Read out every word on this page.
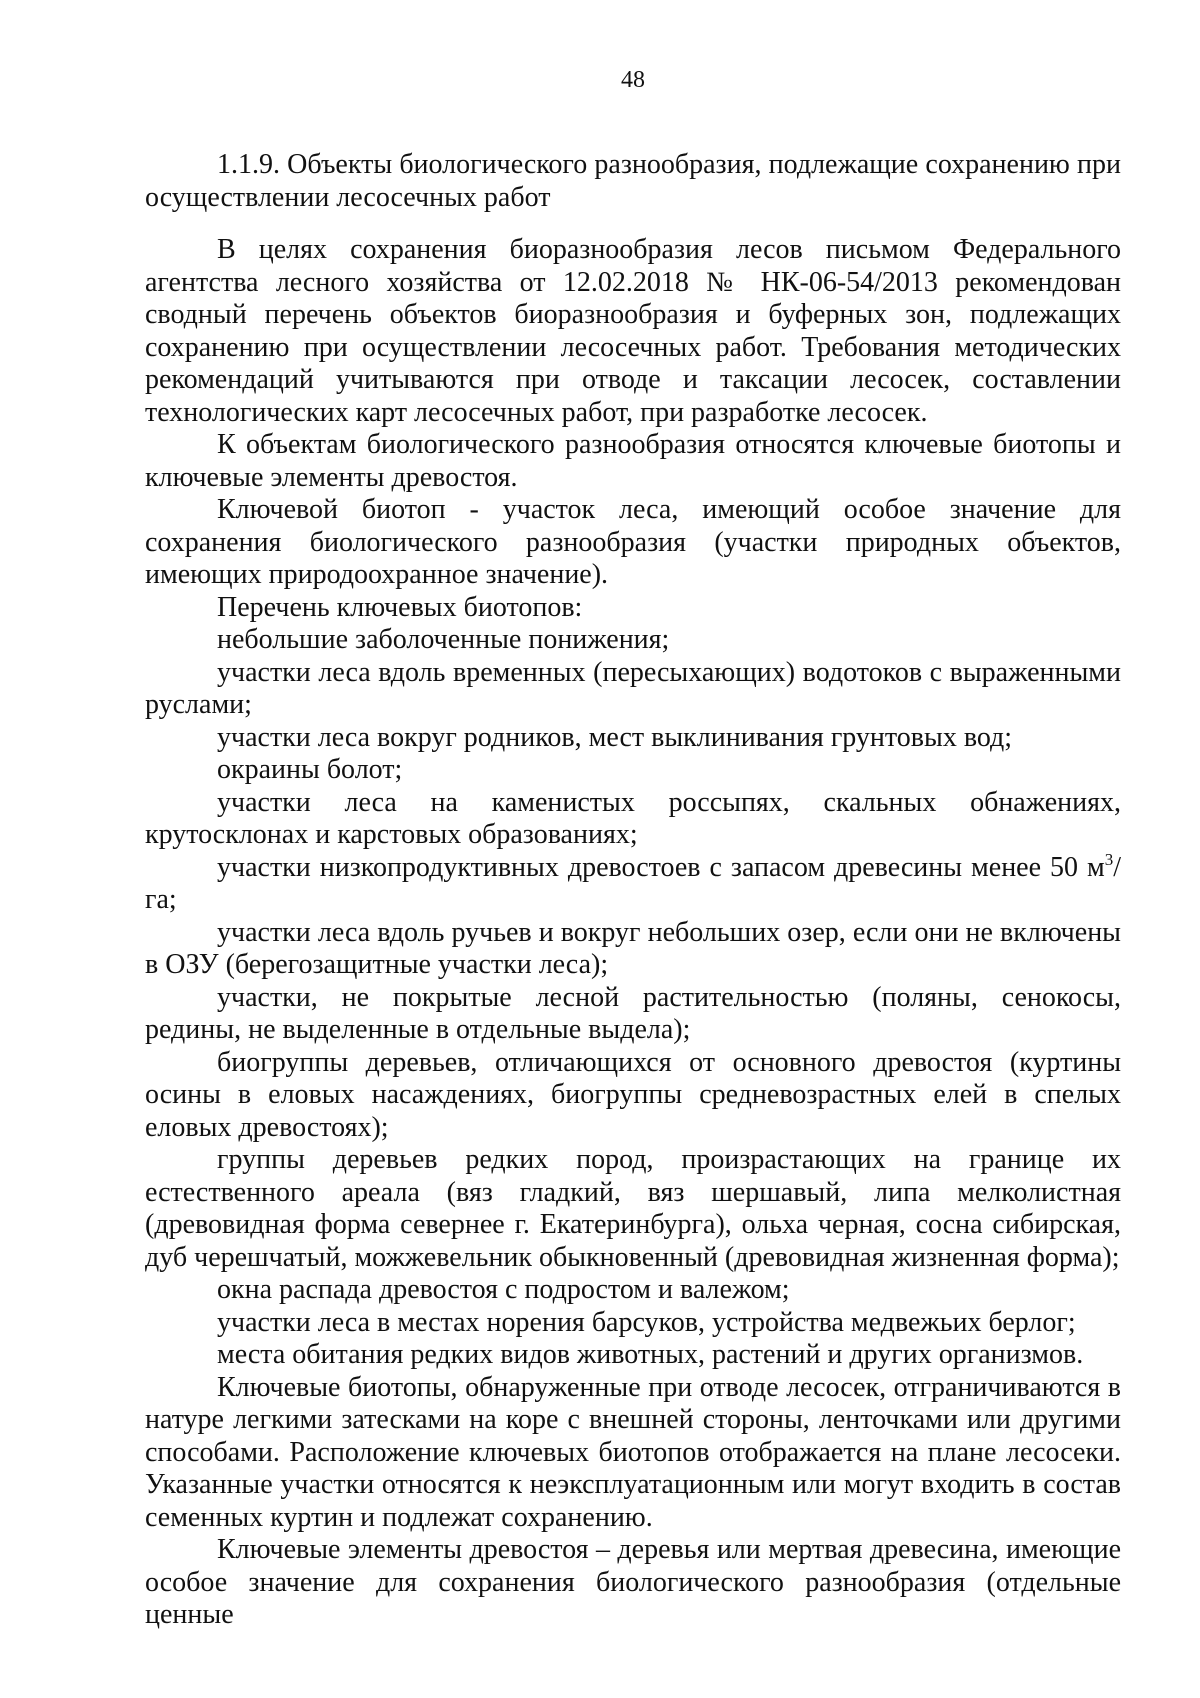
48
1.1.9. Объекты биологического разнообразия, подлежащие сохранению при осуществлении лесосечных работ

В целях сохранения биоразнообразия лесов письмом Федерального агентства лесного хозяйства от 12.02.2018 № НК-06-54/2013 рекомендован сводный перечень объектов биоразнообразия и буферных зон, подлежащих сохранению при осуществлении лесосечных работ. Требования методических рекомендаций учитываются при отводе и таксации лесосек, составлении технологических карт лесосечных работ, при разработке лесосек.

К объектам биологического разнообразия относятся ключевые биотопы и ключевые элементы древостоя.

Ключевой биотоп - участок леса, имеющий особое значение для сохранения биологического разнообразия (участки природных объектов, имеющих природоохранное значение).

Перечень ключевых биотопов:

небольшие заболоченные понижения;

участки леса вдоль временных (пересыхающих) водотоков с выраженными руслами;

участки леса вокруг родников, мест выклинивания грунтовых вод;

окраины болот;

участки леса на каменистых россыпях, скальных обнажениях, крутосклонах и карстовых образованиях;

участки низкопродуктивных древостоев с запасом древесины менее 50 $м^3/га$;

участки леса вдоль ручьев и вокруг небольших озер, если они не включены в ОЗУ (берегозащитные участки леса);

участки, не покрытые лесной растительностью (поляны, сенокосы, редины, не выделенные в отдельные выдела);

биогруппы деревьев, отличающихся от основного древостоя (куртины осины в еловых насаждениях, биогруппы средневозрастных елей в спелых еловых древостоях);

группы деревьев редких пород, произрастающих на границе их естественного ареала (вяз гладкий, вяз шершавый, липа мелколистная (древовидная форма севернее г. Екатеринбурга), ольха черная, сосна сибирская, дуб черешчатый, можжевельник обыкновенный (древовидная жизненная форма);

окна распада древостоя с подростом и валежом;

участки леса в местах норения барсуков, устройства медвежьих берлог;

места обитания редких видов животных, растений и других организмов.

Ключевые биотопы, обнаруженные при отводе лесосек, отграничиваются в натуре легкими затесками на коре с внешней стороны, ленточками или другими способами. Расположение ключевых биотопов отображается на плане лесосеки. Указанные участки относятся к неэксплуатационным или могут входить в состав семенных куртин и подлежат сохранению.

Ключевые элементы древостоя – деревья или мертвая древесина, имеющие особое значение для сохранения биологического разнообразия (отдельные ценные
